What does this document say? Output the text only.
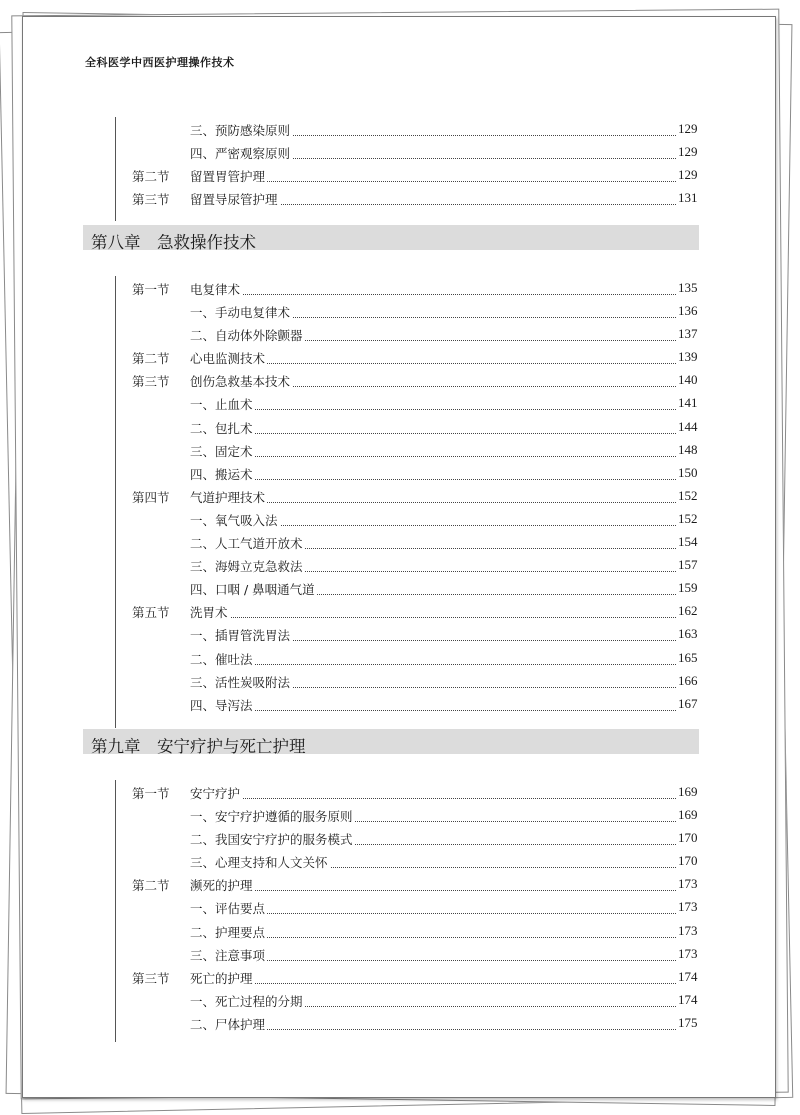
全科医学中西医护理操作技术
三、预防感染原则	129
四、严密观察原则	129
第二节 留置胃管护理	129
第三节 留置导尿管护理	131
第八章　急救操作技术
第一节 电复律术	135
一、手动电复律术	136
二、自动体外除颤器	137
第二节 心电监测技术	139
第三节 创伤急救基本技术	140
一、止血术	141
二、包扎术	144
三、固定术	148
四、搬运术	150
第四节 气道护理技术	152
一、氧气吸入法	152
二、人工气道开放术	154
三、海姆立克急救法	157
四、口咽 / 鼻咽通气道	159
第五节 洗胃术	162
一、插胃管洗胃法	163
二、催吐法	165
三、活性炭吸附法	166
四、导泻法	167
第九章　安宁疗护与死亡护理
第一节 安宁疗护	169
一、安宁疗护遵循的服务原则	169
二、我国安宁疗护的服务模式	170
三、心理支持和人文关怀	170
第二节 濒死的护理	173
一、评估要点	173
二、护理要点	173
三、注意事项	173
第三节 死亡的护理	174
一、死亡过程的分期	174
二、尸体护理	175
